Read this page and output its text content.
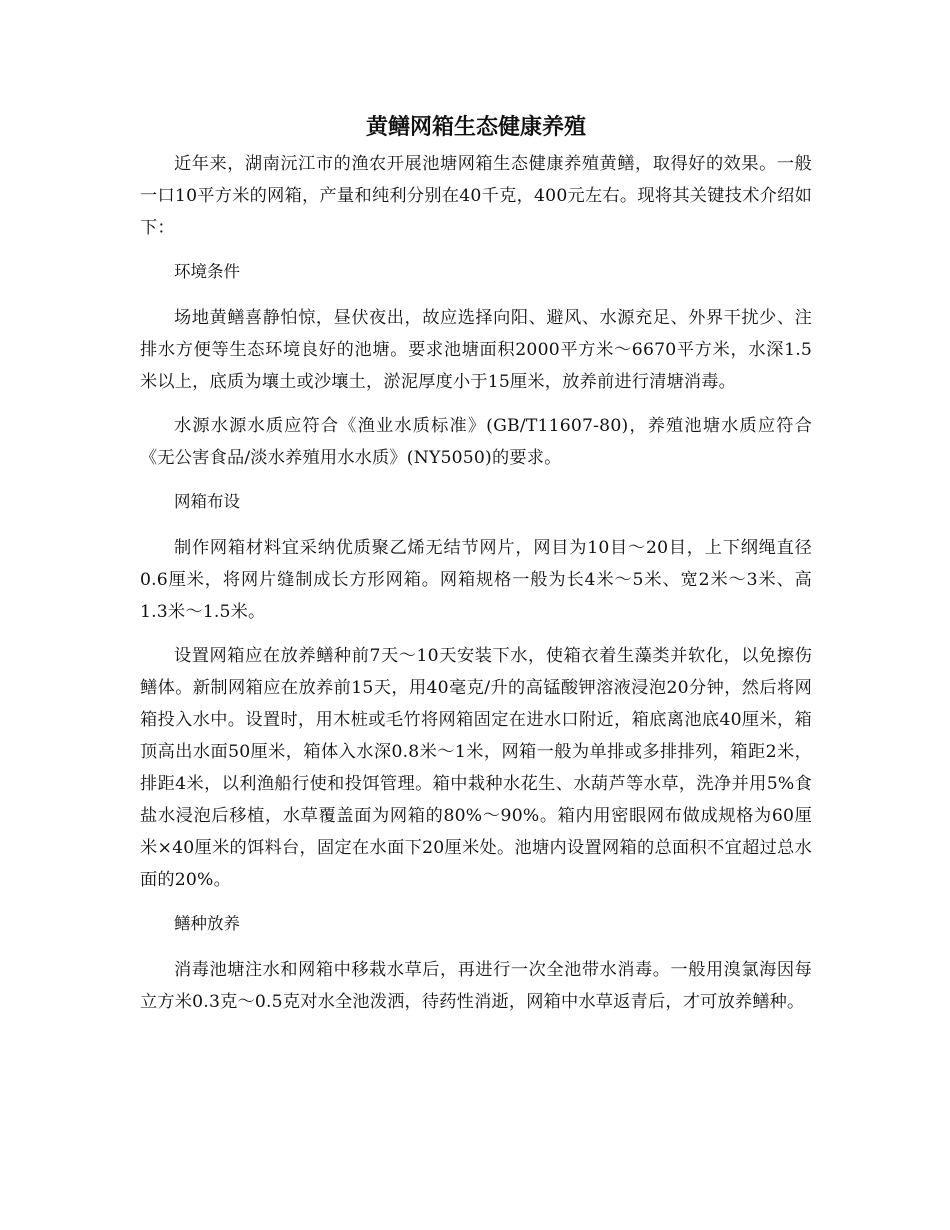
黄鳝网箱生态健康养殖

近年来，湖南沅江市的渔农开展池塘网箱生态健康养殖黄鳝，取得好的效果。一般一口10平方米的网箱，产量和纯利分别在40千克，400元左右。现将其关键技术介绍如下：

环境条件

场地黄鳝喜静怕惊，昼伏夜出，故应选择向阳、避风、水源充足、外界干扰少、注排水方便等生态环境良好的池塘。要求池塘面积2000平方米～6670平方米，水深1.5米以上，底质为壤土或沙壤土，淤泥厚度小于15厘米，放养前进行清塘消毒。

水源水源水质应符合《渔业水质标准》(GB/T11607-80)，养殖池塘水质应符合《无公害食品/淡水养殖用水水质》(NY5050)的要求。

网箱布设

制作网箱材料宜采纳优质聚乙烯无结节网片，网目为10目～20目，上下纲绳直径0.6厘米，将网片缝制成长方形网箱。网箱规格一般为长4米～5米、宽2米～3米、高1.3米～1.5米。

设置网箱应在放养鳝种前7天～10天安装下水，使箱衣着生藻类并软化，以免擦伤鳝体。新制网箱应在放养前15天，用40毫克/升的高锰酸钾溶液浸泡20分钟，然后将网箱投入水中。设置时，用木桩或毛竹将网箱固定在进水口附近，箱底离池底40厘米，箱顶高出水面50厘米，箱体入水深0.8米～1米，网箱一般为单排或多排排列，箱距2米，排距4米，以利渔船行使和投饵管理。箱中栽种水花生、水葫芦等水草，洗净并用5%食盐水浸泡后移植，水草覆盖面为网箱的80%～90%。箱内用密眼网布做成规格为60厘米×40厘米的饵料台，固定在水面下20厘米处。池塘内设置网箱的总面积不宜超过总水面的20%。

鳝种放养

消毒池塘注水和网箱中移栽水草后，再进行一次全池带水消毒。一般用溴氯海因每立方米0.3克～0.5克对水全池泼洒，待药性消逝，网箱中水草返青后，才可放养鳝种。
